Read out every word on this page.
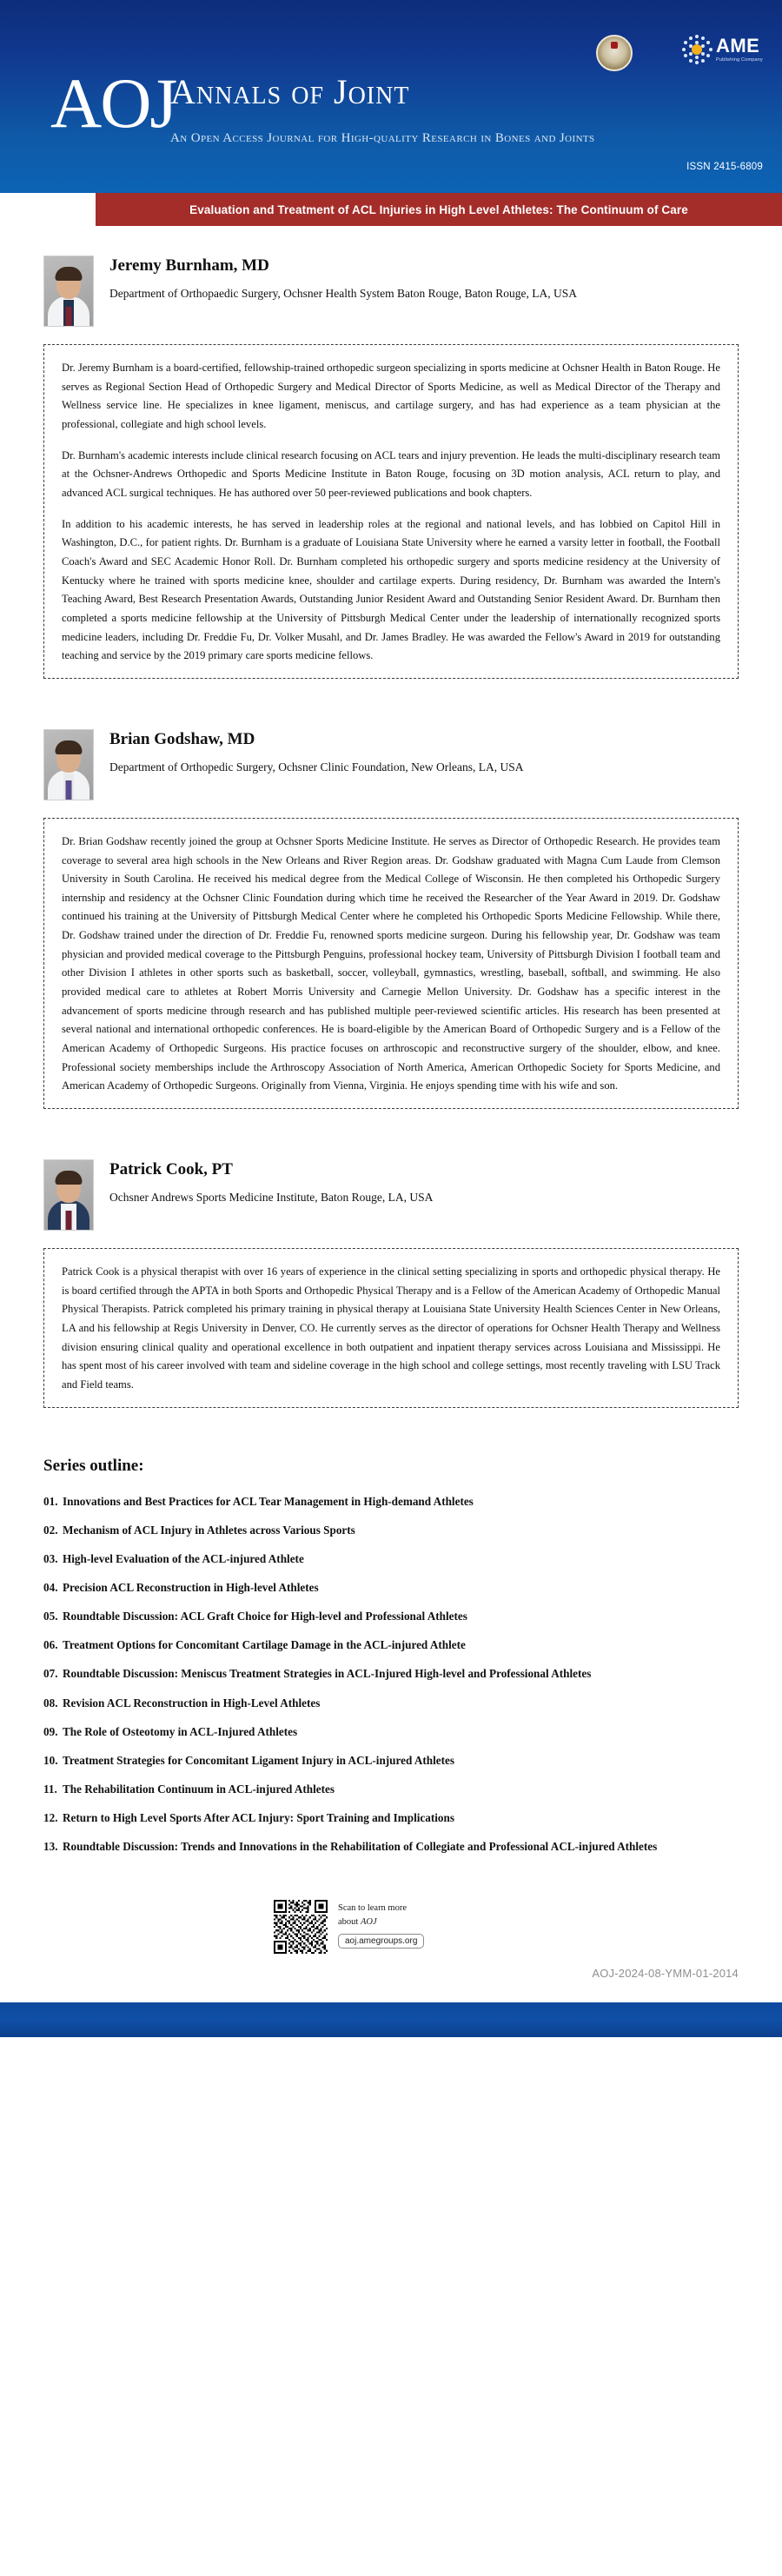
AOJ
Annals of Joint
An Open Access Journal for High-quality Research in Bones and Joints
ISSN 2415-6809
AME
Publishing Company
Evaluation and Treatment of ACL Injuries in High Level Athletes: The Continuum of Care

Jeremy Burnham, MD

Department of Orthopaedic Surgery, Ochsner Health System Baton Rouge, Baton Rouge, LA, USA

Dr. Jeremy Burnham is a board-certified, fellowship-trained orthopedic surgeon specializing in sports medicine at Ochsner Health in Baton Rouge. He serves as Regional Section Head of Orthopedic Surgery and Medical Director of Sports Medicine, as well as Medical Director of the Therapy and Wellness service line. He specializes in knee ligament, meniscus, and cartilage surgery, and has had experience as a team physician at the professional, collegiate and high school levels.

Dr. Burnham's academic interests include clinical research focusing on ACL tears and injury prevention. He leads the multi-disciplinary research team at the Ochsner-Andrews Orthopedic and Sports Medicine Institute in Baton Rouge, focusing on 3D motion analysis, ACL return to play, and advanced ACL surgical techniques. He has authored over 50 peer-reviewed publications and book chapters.

In addition to his academic interests, he has served in leadership roles at the regional and national levels, and has lobbied on Capitol Hill in Washington, D.C., for patient rights. Dr. Burnham is a graduate of Louisiana State University where he earned a varsity letter in football, the Football Coach's Award and SEC Academic Honor Roll. Dr. Burnham completed his orthopedic surgery and sports medicine residency at the University of Kentucky where he trained with sports medicine knee, shoulder and cartilage experts. During residency, Dr. Burnham was awarded the Intern's Teaching Award, Best Research Presentation Awards, Outstanding Junior Resident Award and Outstanding Senior Resident Award. Dr. Burnham then completed a sports medicine fellowship at the University of Pittsburgh Medical Center under the leadership of internationally recognized sports medicine leaders, including Dr. Freddie Fu, Dr. Volker Musahl, and Dr. James Bradley. He was awarded the Fellow's Award in 2019 for outstanding teaching and service by the 2019 primary care sports medicine fellows.

Brian Godshaw, MD

Department of Orthopedic Surgery, Ochsner Clinic Foundation, New Orleans, LA, USA

Dr. Brian Godshaw recently joined the group at Ochsner Sports Medicine Institute. He serves as Director of Orthopedic Research. He provides team coverage to several area high schools in the New Orleans and River Region areas. Dr. Godshaw graduated with Magna Cum Laude from Clemson University in South Carolina. He received his medical degree from the Medical College of Wisconsin. He then completed his Orthopedic Surgery internship and residency at the Ochsner Clinic Foundation during which time he received the Researcher of the Year Award in 2019. Dr. Godshaw continued his training at the University of Pittsburgh Medical Center where he completed his Orthopedic Sports Medicine Fellowship. While there, Dr. Godshaw trained under the direction of Dr. Freddie Fu, renowned sports medicine surgeon. During his fellowship year, Dr. Godshaw was team physician and provided medical coverage to the Pittsburgh Penguins, professional hockey team, University of Pittsburgh Division I football team and other Division I athletes in other sports such as basketball, soccer, volleyball, gymnastics, wrestling, baseball, softball, and swimming. He also provided medical care to athletes at Robert Morris University and Carnegie Mellon University. Dr. Godshaw has a specific interest in the advancement of sports medicine through research and has published multiple peer-reviewed scientific articles. His research has been presented at several national and international orthopedic conferences. He is board-eligible by the American Board of Orthopedic Surgery and is a Fellow of the American Academy of Orthopedic Surgeons. His practice focuses on arthroscopic and reconstructive surgery of the shoulder, elbow, and knee. Professional society memberships include the Arthroscopy Association of North America, American Orthopedic Society for Sports Medicine, and American Academy of Orthopedic Surgeons. Originally from Vienna, Virginia. He enjoys spending time with his wife and son.

Patrick Cook, PT

Ochsner Andrews Sports Medicine Institute, Baton Rouge, LA, USA

Patrick Cook is a physical therapist with over 16 years of experience in the clinical setting specializing in sports and orthopedic physical therapy. He is board certified through the APTA in both Sports and Orthopedic Physical Therapy and is a Fellow of the American Academy of Orthopedic Manual Physical Therapists. Patrick completed his primary training in physical therapy at Louisiana State University Health Sciences Center in New Orleans, LA and his fellowship at Regis University in Denver, CO. He currently serves as the director of operations for Ochsner Health Therapy and Wellness division ensuring clinical quality and operational excellence in both outpatient and inpatient therapy services across Louisiana and Mississippi. He has spent most of his career involved with team and sideline coverage in the high school and college settings, most recently traveling with LSU Track and Field teams.

Series outline:

01. Innovations and Best Practices for ACL Tear Management in High-demand Athletes

02. Mechanism of ACL Injury in Athletes across Various Sports

03. High-level Evaluation of the ACL-injured Athlete

04. Precision ACL Reconstruction in High-level Athletes

05. Roundtable Discussion: ACL Graft Choice for High-level and Professional Athletes

06. Treatment Options for Concomitant Cartilage Damage in the ACL-injured Athlete

07. Roundtable Discussion: Meniscus Treatment Strategies in ACL-Injured High-level and Professional Athletes

08. Revision ACL Reconstruction in High-Level Athletes

09. The Role of Osteotomy in ACL-Injured Athletes

10. Treatment Strategies for Concomitant Ligament Injury in ACL-injured Athletes

11. The Rehabilitation Continuum in ACL-injured Athletes

12. Return to High Level Sports After ACL Injury: Sport Training and Implications

13. Roundtable Discussion: Trends and Innovations in the Rehabilitation of Collegiate and Professional ACL-injured Athletes

Scan to learn more

about AOJ

aoj.amegroups.org
AOJ-2024-08-YMM-01-2014
